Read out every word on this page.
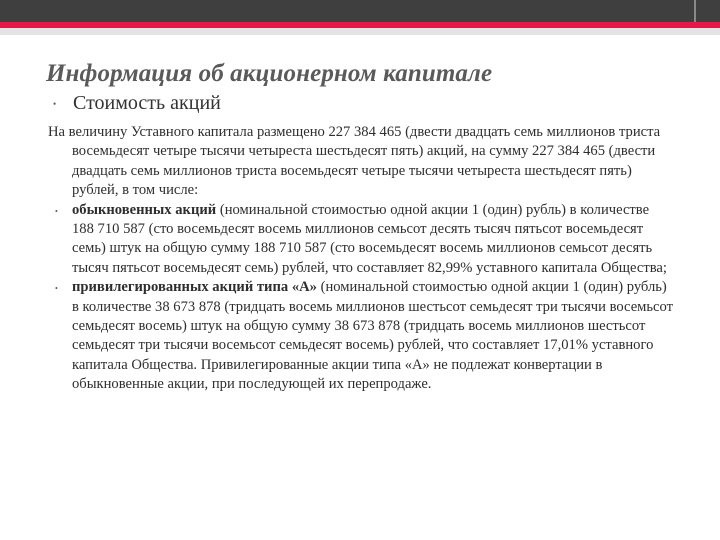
Информация об акционерном капитале
• Стоимость акций

На величину Уставного капитала размещено 227 384 465 (двести двадцать семь миллионов триста восемьдесят четыре тысячи четыреста шестьдесят пять) акций, на сумму 227 384 465 (двести двадцать семь миллионов триста восемьдесят четыре тысячи четыреста шестьдесят пять) рублей, в том числе:

• обыкновенных акций (номинальной стоимостью одной акции 1 (один) рубль) в количестве 188 710 587 (сто восемьдесят восемь миллионов семьсот десять тысяч пятьсот восемьдесят семь) штук на общую сумму 188 710 587 (сто восемьдесят восемь миллионов семьсот десять тысяч пятьсот восемьдесят семь) рублей, что составляет 82,99% уставного капитала Общества;

• привилегированных акций типа «А» (номинальной стоимостью одной акции 1 (один) рубль) в количестве 38 673 878 (тридцать восемь миллионов шестьсот семьдесят три тысячи восемьсот семьдесят восемь) штук на общую сумму 38 673 878 (тридцать восемь миллионов шестьсот семьдесят три тысячи восемьсот семьдесят восемь) рублей, что составляет 17,01% уставного капитала Общества. Привилегированные акции типа «А» не подлежат конвертации в обыкновенные акции, при последующей их перепродаже.
